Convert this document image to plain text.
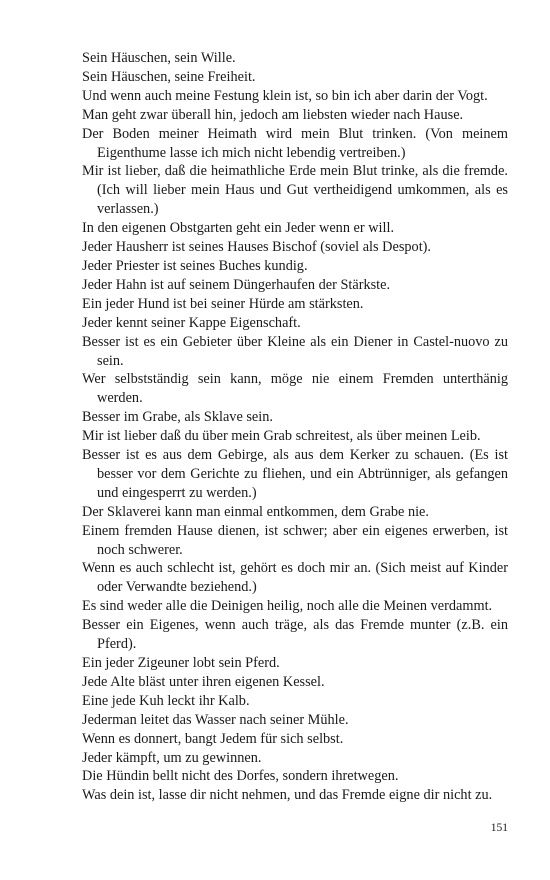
Sein Häuschen, sein Wille.

Sein Häuschen, seine Freiheit.

Und wenn auch meine Festung klein ist, so bin ich aber darin der Vogt.

Man geht zwar überall hin, jedoch am liebsten wieder nach Hause.

Der Boden meiner Heimath wird mein Blut trinken. (Von meinem Eigenthume lasse ich mich nicht lebendig vertreiben.)

Mir ist lieber, daß die heimathliche Erde mein Blut trinke, als die fremde. (Ich will lieber mein Haus und Gut vertheidigend umkommen, als es verlassen.)

In den eigenen Obstgarten geht ein Jeder wenn er will.

Jeder Hausherr ist seines Hauses Bischof (soviel als Despot).

Jeder Priester ist seines Buches kundig.

Jeder Hahn ist auf seinem Düngerhaufen der Stärkste.

Ein jeder Hund ist bei seiner Hürde am stärksten.

Jeder kennt seiner Kappe Eigenschaft.

Besser ist es ein Gebieter über Kleine als ein Diener in Castel-nuovo zu sein.

Wer selbstständig sein kann, möge nie einem Fremden unterthänig werden.

Besser im Grabe, als Sklave sein.

Mir ist lieber daß du über mein Grab schreitest, als über meinen Leib.

Besser ist es aus dem Gebirge, als aus dem Kerker zu schauen. (Es ist besser vor dem Gerichte zu fliehen, und ein Abtrünniger, als gefangen und eingesperrt zu werden.)

Der Sklaverei kann man einmal entkommen, dem Grabe nie.

Einem fremden Hause dienen, ist schwer; aber ein eigenes erwerben, ist noch schwerer.

Wenn es auch schlecht ist, gehört es doch mir an. (Sich meist auf Kinder oder Verwandte beziehend.)

Es sind weder alle die Deinigen heilig, noch alle die Meinen verdammt.

Besser ein Eigenes, wenn auch träge, als das Fremde munter (z.B. ein Pferd).

Ein jeder Zigeuner lobt sein Pferd.

Jede Alte bläst unter ihren eigenen Kessel.

Eine jede Kuh leckt ihr Kalb.

Jederman leitet das Wasser nach seiner Mühle.

Wenn es donnert, bangt Jedem für sich selbst.

Jeder kämpft, um zu gewinnen.

Die Hündin bellt nicht des Dorfes, sondern ihretwegen.

Was dein ist, lasse dir nicht nehmen, und das Fremde eigne dir nicht zu.

151
